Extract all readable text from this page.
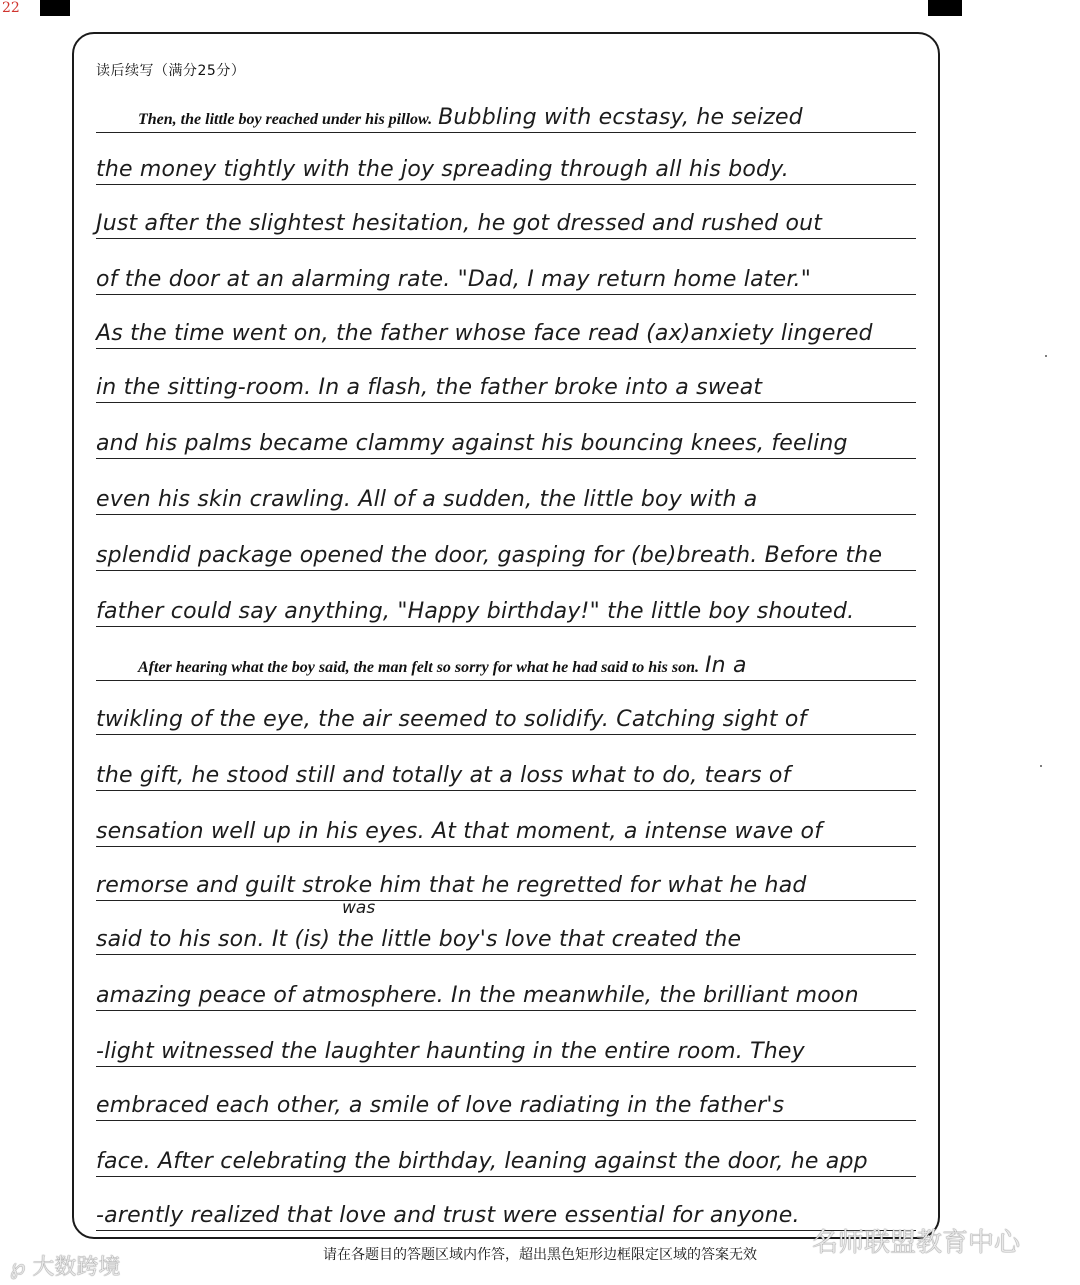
22
读后续写（满分25分）
Then, the little boy reached under his pillow. Bubbling with ecstasy, he seized
the money tightly with the joy spreading through all his body.
Just after the slightest hesitation, he got dressed and rushed out
of the door at an alarming rate. "Dad, I may return home later."
As the time went on, the father whose face read (ax)anxiety lingered
in the sitting-room. In a flash, the father broke into a sweat
and his palms became clammy against his bouncing knees, feeling
even his skin crawling. All of a sudden, the little boy with a
splendid package opened the door, gasping for (be)breath. Before the
father could say anything, "Happy birthday!" the little boy shouted.
After hearing what the boy said, the man felt so sorry for what he had said to his son. In a
twikling of the eye, the air seemed to solidify. Catching sight of
the gift, he stood still and totally at a loss what to do, tears of
sensation well up in his eyes. At that moment, a intense wave of
remorse and guilt stroke him that he regretted for what he had
was
said to his son. It (is) the little boy's love that created the
amazing peace of atmosphere. In the meanwhile, the brilliant moon
-light witnessed the laughter haunting in the entire room. They
embraced each other, a smile of love radiating in the father's
face. After celebrating the birthday, leaning against the door, he app
-arently realized that love and trust were essential for anyone.
请在各题目的答题区域内作答，超出黑色矩形边框限定区域的答案无效
℘ 大数跨境
名师联盟教育中心
